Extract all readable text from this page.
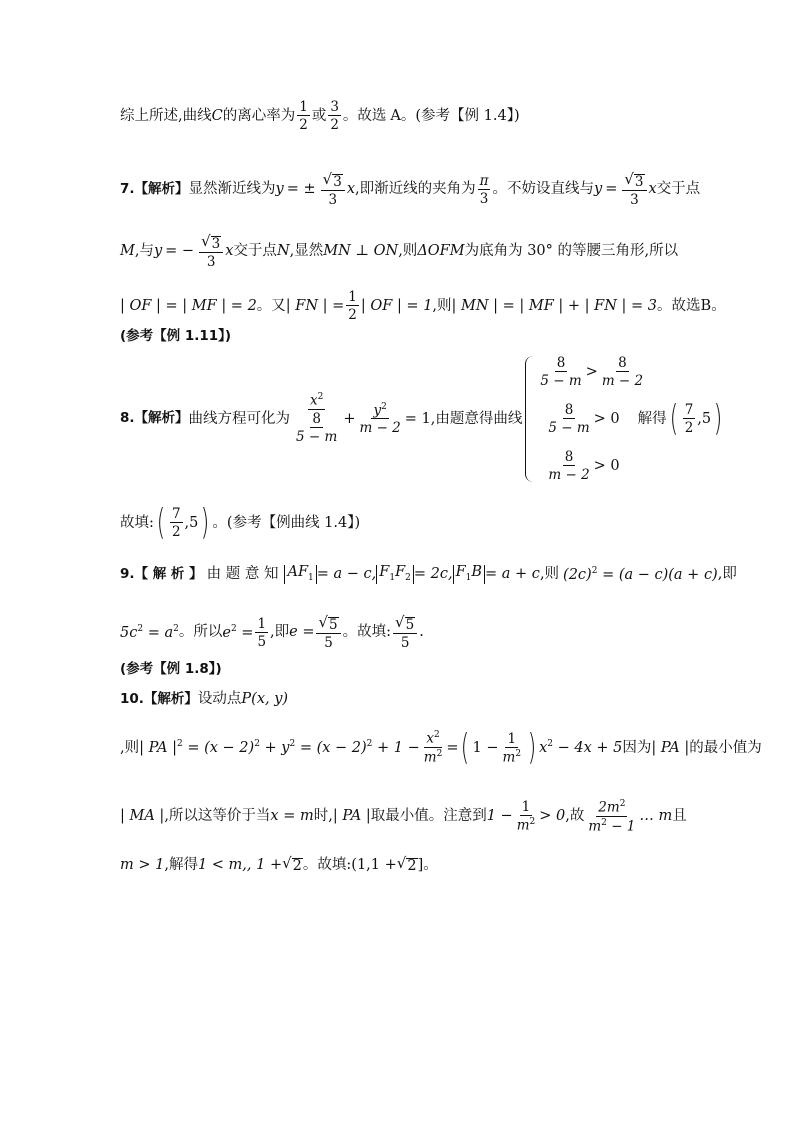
综上所述,曲线 C 的离心率为 $\frac{1}{2}$ 或 $\frac{3}{2}$ 。故选 A 。(参考【例 1.4】)
7. 【解析】 显然渐近线为 y = ± $\frac{√ 3}{3}$ x ,即渐近线的夹角为 $\frac{\pi}{3}$ 。不妨设直线与 $y = \frac{√ 3}{3}$ x 交于点
M ,与 y = − $\frac{√ 3}{3}$ x 交于点 N ,显然 MN ⊥ ON ,则 ΔOFM 为底角为 30° 的等腰三角形,所以
| OF | = | MF | = 2 。又 | FN | = $\frac{1}{2}$ | OF | = 1 ,则 | MN | = | MF | + | FN | = 3 。故选 B 。
(参考【例 1.11】)
8. 【解析】 曲线方程可化为 $\frac{x^2}{\frac{8}{5 - m}} + \frac{y^2}{m - 2} = 1$ ,由题意得曲线
$\frac{8}{5 - m} > \frac{8}{m - 2}$
$\frac{8}{5 - m} > 0$ 解得 ( $\frac{7}{2} ,5$ )
$\frac{8}{m - 2} > 0$
故填: ( $\frac{7}{2} ,5$ ) 。(参考【例曲线 1.4】)
9. 【 解 析 】 由 题 意 知 $AF_1 = a - c$, $F_1F_2 = 2c$, $F_1B = a + c$ ,则 $(2c)^2 = (a - c)(a + c)$ ,即
$5c^2 = a^2$ 。所以 $e^2 = \frac{1}{5}$ ,即 $e = \frac{√ 5}{5}$ 。故填: $\frac{√ 5}{5}$ .
(参考【例 1.8】)
10. 【解析】 设动点 P(x, y)
,则 | PA $|^2 = (x - 2)^2 + y^2 = (x - 2)^2 + 1 - \frac{x^2}{m^2}$ = ( $1 - \frac{1}{m^2}$ ) $x^2 - 4x + 5$ 因为 | PA | 的最小值为
| MA | ,所以这等价于当 x = m 时, | PA | 取最小值。注意到 $1 - \frac{1}{m^2} > 0$ ,故 $\frac{2m^2}{m^2 - 1}$ … m 且
m > 1 ,解得 1 < m,, 1 + √ 2 。故填: (1,1 + √ 2 ] 。
